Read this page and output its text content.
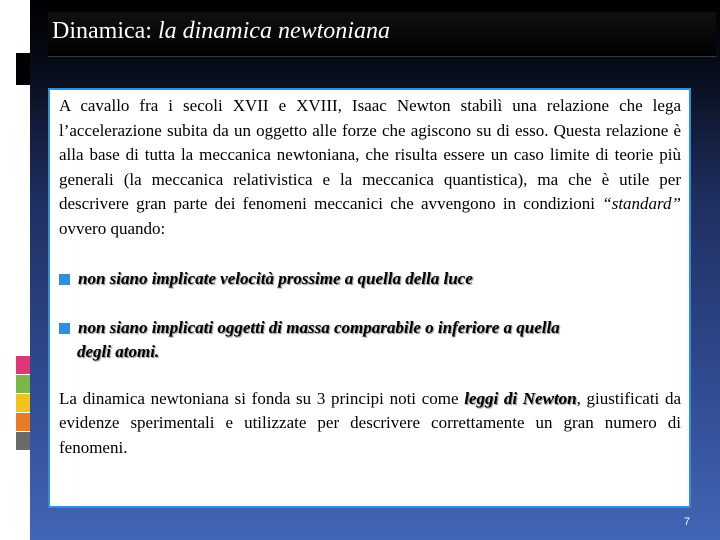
Dinamica: la dinamica newtoniana

A cavallo fra i secoli XVII e XVIII, Isaac Newton stabilì una relazione che lega l’accelerazione subita da un oggetto alle forze che agiscono su di esso. Questa relazione è alla base di tutta la meccanica newtoniana, che risulta essere un caso limite di teorie più generali (la meccanica relativistica e la meccanica quantistica), ma che è utile per descrivere gran parte dei fenomeni meccanici che avvengono in condizioni “standard” ovvero quando:

non siano implicate velocità prossime a quella della luce

non siano implicati oggetti di massa comparabile o inferiore a quella
degli atomi.

La dinamica newtoniana si fonda su 3 principi noti come leggi di Newton, giustificati da evidenze sperimentali e utilizzate per descrivere correttamente un gran numero di fenomeni.

7
